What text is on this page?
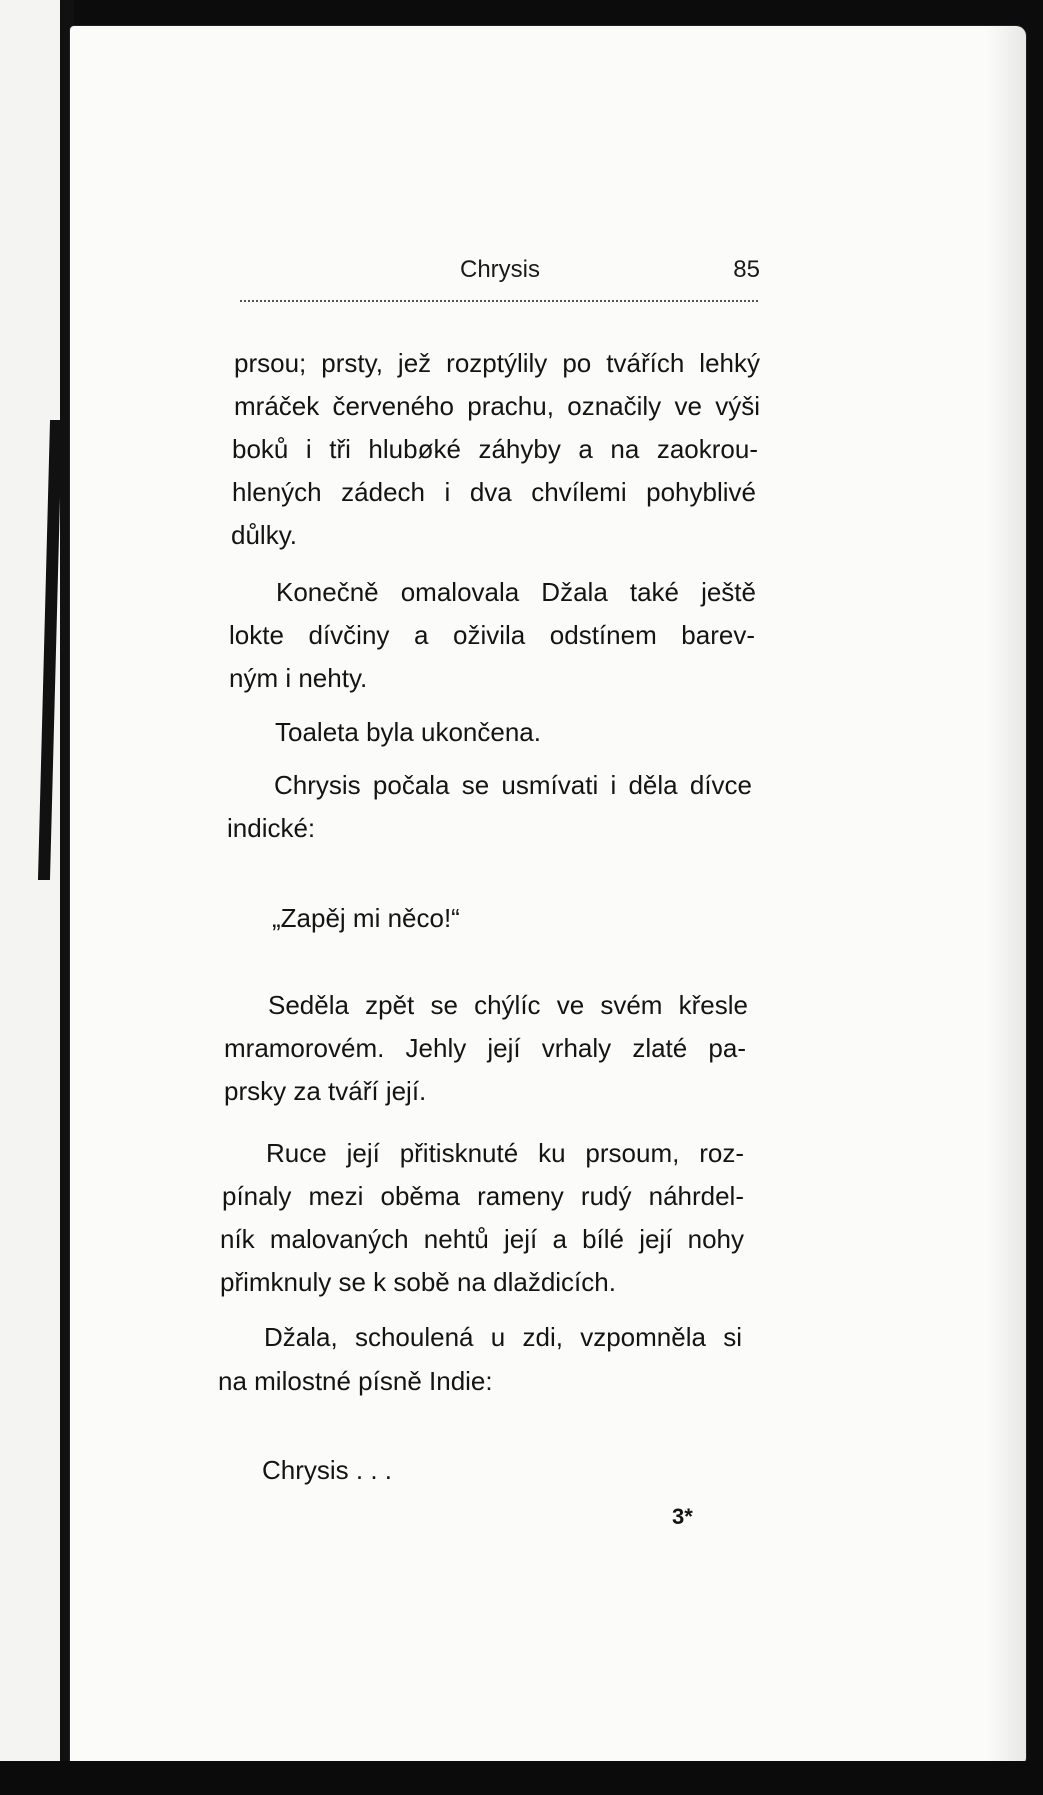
Chrysis	85
prsou; prsty, jež rozptýlily po tvářích lehký
mráček červeného prachu, označily ve výši
boků i tři hlubøké záhyby a na zaokrou-
hlených zádech i dva chvílemi pohyblivé
důlky.
Konečně omalovala Džala také ještě
lokte dívčiny a oživila odstínem barev-
ným i nehty.
Toaleta byla ukončena.
Chrysis počala se usmívati i děla dívce
indické:
„Zapěj mi něco!“
Seděla zpět se chýlíc ve svém křesle
mramorovém. Jehly její vrhaly zlaté pa-
prsky za tváří její.
Ruce její přitisknuté ku prsoum, roz-
pínaly mezi oběma rameny rudý náhrdel-
ník malovaných nehtů její a bílé její nohy
přimknuly se k sobě na dlaždicích.
Džala, schoulená u zdi, vzpomněla si
na milostné písně Indie:
Chrysis . . .
3*
